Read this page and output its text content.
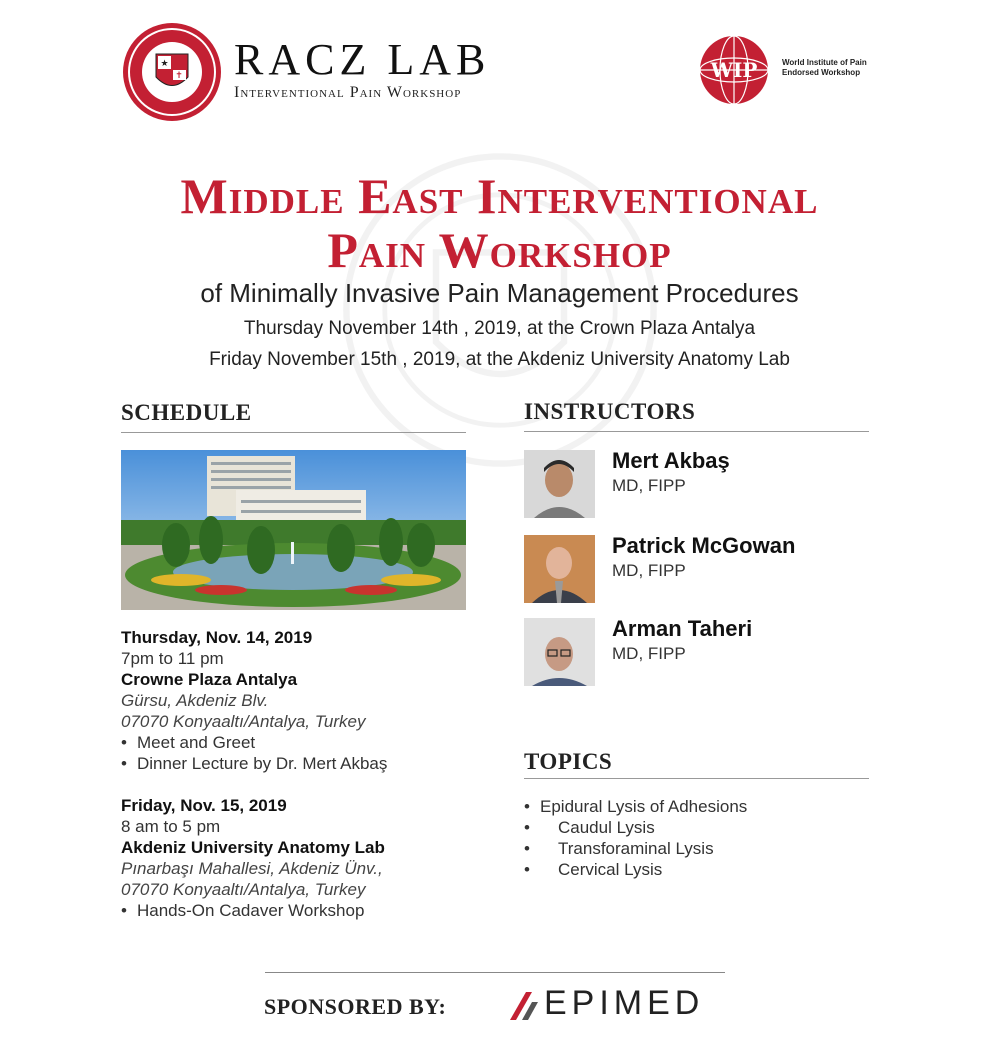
★
✝ RACZ LAB
Interventional Pain Workshop
WIP	World Institute of Pain Endorsed Workshop
Middle East Interventional
Pain Workshop
of Minimally Invasive Pain Management Procedures
Thursday November 14th , 2019, at the Crown Plaza Antalya
Friday November 15th , 2019, at the Akdeniz University Anatomy Lab
SCHEDULE
Thursday, Nov. 14, 2019
7pm to 11 pm
Crowne Plaza Antalya
Gürsu, Akdeniz Blv.
07070 Konyaaltı/Antalya, Turkey
• Meet and Greet
• Dinner Lecture by Dr. Mert Akbaş
Friday, Nov. 15, 2019
8 am to 5 pm
Akdeniz University Anatomy Lab
Pınarbaşı Mahallesi, Akdeniz Ünv.,
07070 Konyaaltı/Antalya, Turkey
• Hands-On Cadaver Workshop
INSTRUCTORS
Mert Akbaş
MD, FIPP
Patrick McGowan
MD, FIPP
Arman Taheri
MD, FIPP
TOPICS
• Epidural Lysis of Adhesions
• Caudul Lysis
• Transforaminal Lysis
• Cervical Lysis
SPONSORED BY:	EPIMED
